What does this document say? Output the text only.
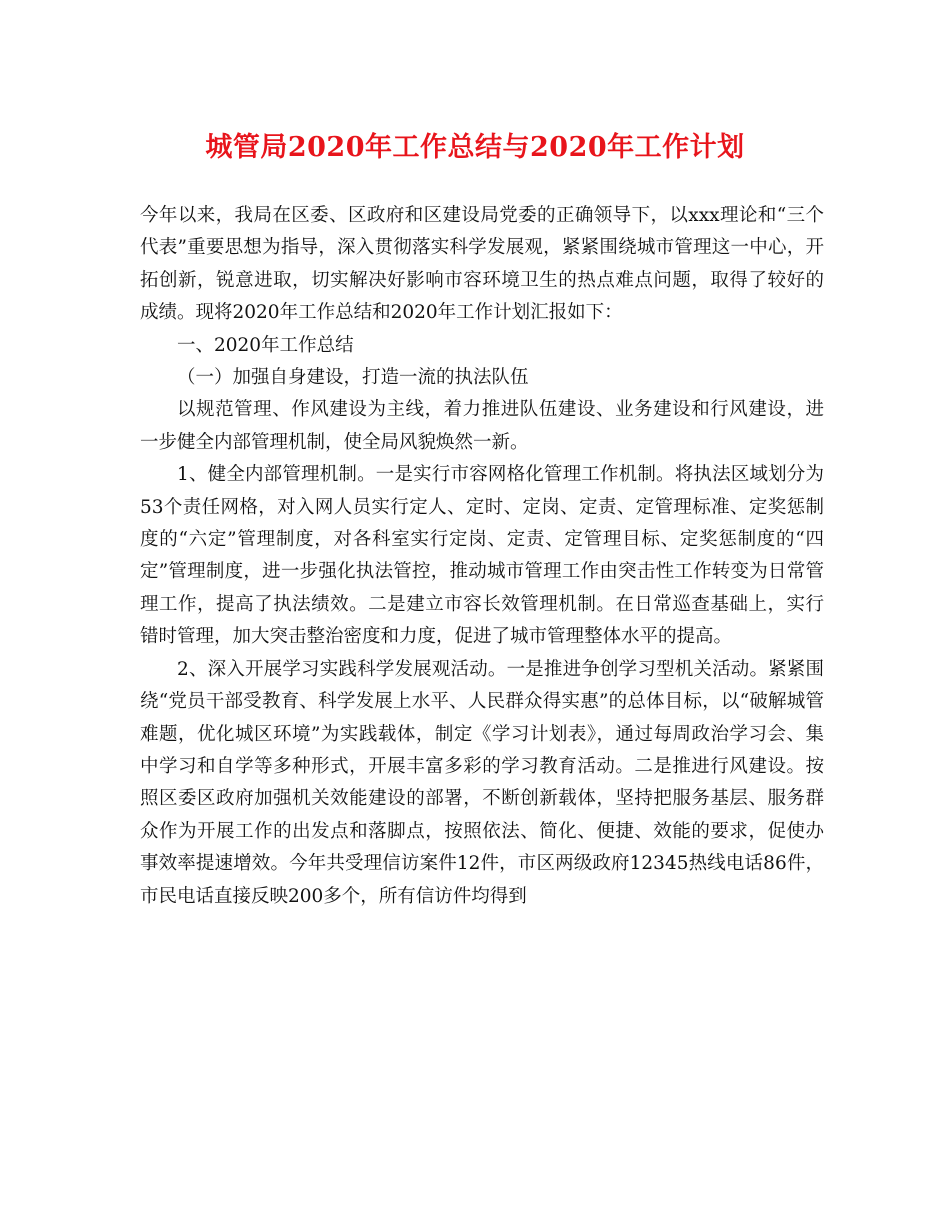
城管局2020年工作总结与2020年工作计划

今年以来，我局在区委、区政府和区建设局党委的正确领导下，以xxx理论和“三个代表”重要思想为指导，深入贯彻落实科学发展观，紧紧围绕城市管理这一中心，开拓创新，锐意进取，切实解决好影响市容环境卫生的热点难点问题，取得了较好的成绩。现将2020年工作总结和2020年工作计划汇报如下：

一、2020年工作总结

（一）加强自身建设，打造一流的执法队伍

以规范管理、作风建设为主线，着力推进队伍建设、业务建设和行风建设，进一步健全内部管理机制，使全局风貌焕然一新。

1、健全内部管理机制。一是实行市容网格化管理工作机制。将执法区域划分为53个责任网格，对入网人员实行定人、定时、定岗、定责、定管理标准、定奖惩制度的“六定”管理制度，对各科室实行定岗、定责、定管理目标、定奖惩制度的“四定”管理制度，进一步强化执法管控，推动城市管理工作由突击性工作转变为日常管理工作，提高了执法绩效。二是建立市容长效管理机制。在日常巡查基础上，实行错时管理，加大突击整治密度和力度，促进了城市管理整体水平的提高。

2、深入开展学习实践科学发展观活动。一是推进争创学习型机关活动。紧紧围绕“党员干部受教育、科学发展上水平、人民群众得实惠”的总体目标，以“破解城管难题，优化城区环境”为实践载体，制定《学习计划表》，通过每周政治学习会、集中学习和自学等多种形式，开展丰富多彩的学习教育活动。二是推进行风建设。按照区委区政府加强机关效能建设的部署，不断创新载体，坚持把服务基层、服务群众作为开展工作的出发点和落脚点，按照依法、简化、便捷、效能的要求，促使办事效率提速增效。今年共受理信访案件12件，市区两级政府12345热线电话86件，市民电话直接反映200多个，所有信访件均得到
